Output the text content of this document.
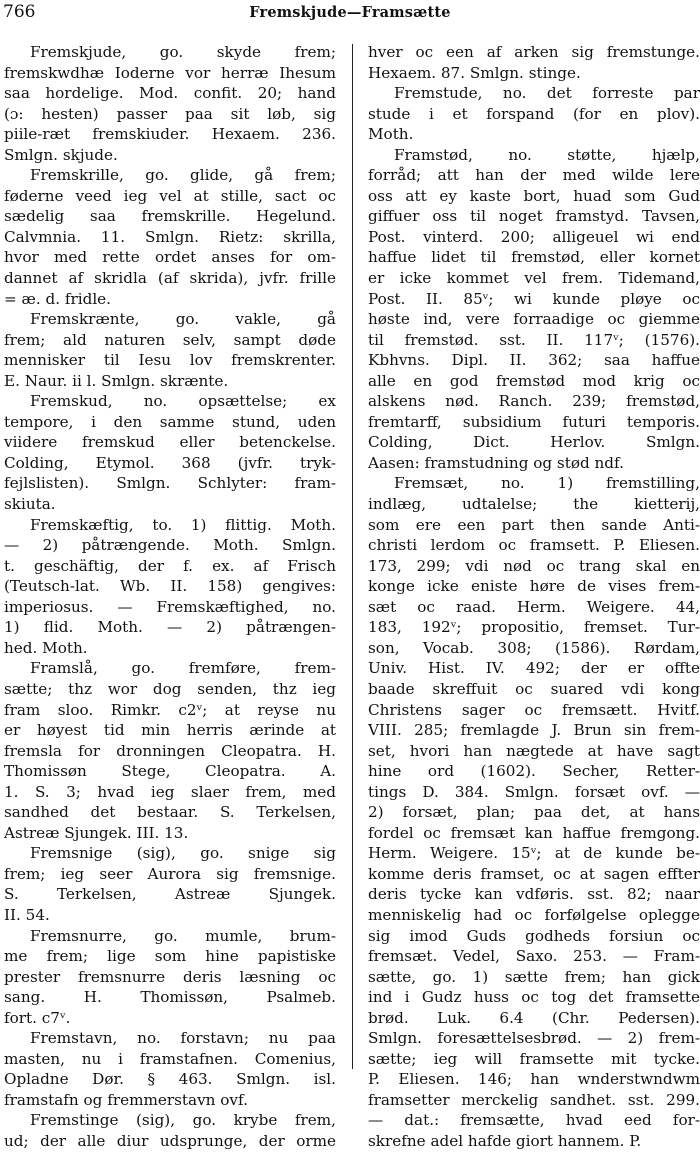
766	Fremskjude—Framsætte
Fremskjude, go. skyde frem;
fremskwdhæ Ioderne vor herræ Ihesum
saa hordelige. Mod. confit. 20; hand
(ɔ: hesten) passer paa sit løb, sig
piile-ræt fremskiuder. Hexaem. 236.
Smlgn. skjude.
Fremskrille, go. glide, gå frem;
føderne veed ieg vel at stille, sact oc
sædelig saa fremskrille. Hegelund.
Calvmnia. 11. Smlgn. Rietz: skrilla,
hvor med rette ordet anses for om-
dannet af skridla (af skrida), jvfr. frille
= æ. d. fridle.
Fremskrænte, go. vakle, gå
frem; ald naturen selv, sampt døde
mennisker til Iesu lov fremskrenter.
E. Naur. ii l. Smlgn. skrænte.
Fremskud, no. opsættelse; ex
tempore, i den samme stund, uden
viidere fremskud eller betenckelse.
Colding, Etymol. 368 (jvfr. tryk-
fejlslisten). Smlgn. Schlyter: fram-
skiuta.
Fremskæftig, to. 1) flittig. Moth.
— 2) påtrængende. Moth. Smlgn.
t. geschäftig, der f. ex. af Frisch
(Teutsch-lat. Wb. II. 158) gengives:
imperiosus. — Fremskæftighed, no.
1) flid. Moth. — 2) påtrængen-
hed. Moth.
Framslå, go. fremføre, frem-
sætte; thz wor dog senden, thz ieg
fram sloo. Rimkr. c2ᵛ; at reyse nu
er høyest tid min herris ærinde at
fremsla for dronningen Cleopatra. H.
Thomissøn Stege, Cleopatra. A.
1. S. 3; hvad ieg slaer frem, med
sandhed det bestaar. S. Terkelsen,
Astreæ Sjungek. III. 13.
Fremsnige (sig), go. snige sig
frem; ieg seer Aurora sig fremsnige.
S. Terkelsen, Astreæ Sjungek.
II. 54.
Fremsnurre, go. mumle, brum-
me frem; lige som hine papistiske
prester fremsnurre deris læsning oc
sang. H. Thomissøn, Psalmeb.
fort. c7ᵛ.
Fremstavn, no. forstavn; nu paa
masten, nu i framstafnen. Comenius,
Opladne Dør. § 463. Smlgn. isl.
framstafn og fremmerstavn ovf.
Fremstinge (sig), go. krybe frem,
ud; der alle diur udsprunge, der orme
hver oc een af arken sig fremstunge.
Hexaem. 87. Smlgn. stinge.
Fremstude, no. det forreste par
stude i et forspand (for en plov).
Moth.
Framstød, no. støtte, hjælp,
forråd; att han der med wilde lere
oss att ey kaste bort, huad som Gud
giffuer oss til noget framstyd. Tavsen,
Post. vinterd. 200; alligeuel wi end
haffue lidet til fremstød, eller kornet
er icke kommet vel frem. Tidemand,
Post. II. 85ᵛ; wi kunde pløye oc
høste ind, vere forraadige oc giemme
til fremstød. sst. II. 117ᵛ; (1576).
Kbhvns. Dipl. II. 362; saa haffue
alle en god fremstød mod krig oc
alskens nød. Ranch. 239; fremstød,
fremtarff, subsidium futuri temporis.
Colding, Dict. Herlov. Smlgn.
Aasen: framstudning og stød ndf.
Fremsæt, no. 1) fremstilling,
indlæg, udtalelse; the kietterij,
som ere een part then sande Anti-
christi lerdom oc framsett. P. Eliesen.
173, 299; vdi nød oc trang skal en
konge icke eniste høre de vises frem-
sæt oc raad. Herm. Weigere. 44,
183, 192ᵛ; propositio, fremset. Tur-
son, Vocab. 308; (1586). Rørdam,
Univ. Hist. IV. 492; der er offte
baade skreffuit oc suared vdi kong
Christens sager oc fremsætt. Hvitf.
VIII. 285; fremlagde J. Brun sin frem-
set, hvori han nægtede at have sagt
hine ord (1602). Secher, Retter-
tings D. 384. Smlgn. forsæt ovf. —
2) forsæt, plan; paa det, at hans
fordel oc fremsæt kan haffue fremgong.
Herm. Weigere. 15ᵛ; at de kunde be-
komme deris framset, oc at sagen effter
deris tycke kan vdføris. sst. 82; naar
menniskelig had oc forfølgelse oplegge
sig imod Guds godheds forsiun oc
fremsæt. Vedel, Saxo. 253. — Fram-
sætte, go. 1) sætte frem; han gick
ind i Gudz huss oc tog det framsette
brød. Luk. 6.4 (Chr. Pedersen).
Smlgn. foresættelsesbrød. — 2) frem-
sætte; ieg will framsette mit tycke.
P. Eliesen. 146; han wnderstwndwm
framsetter merckelig sandhet. sst. 299.
— dat.: fremsætte, hvad eed for-
skrefne adel hafde giort hannem. P.
